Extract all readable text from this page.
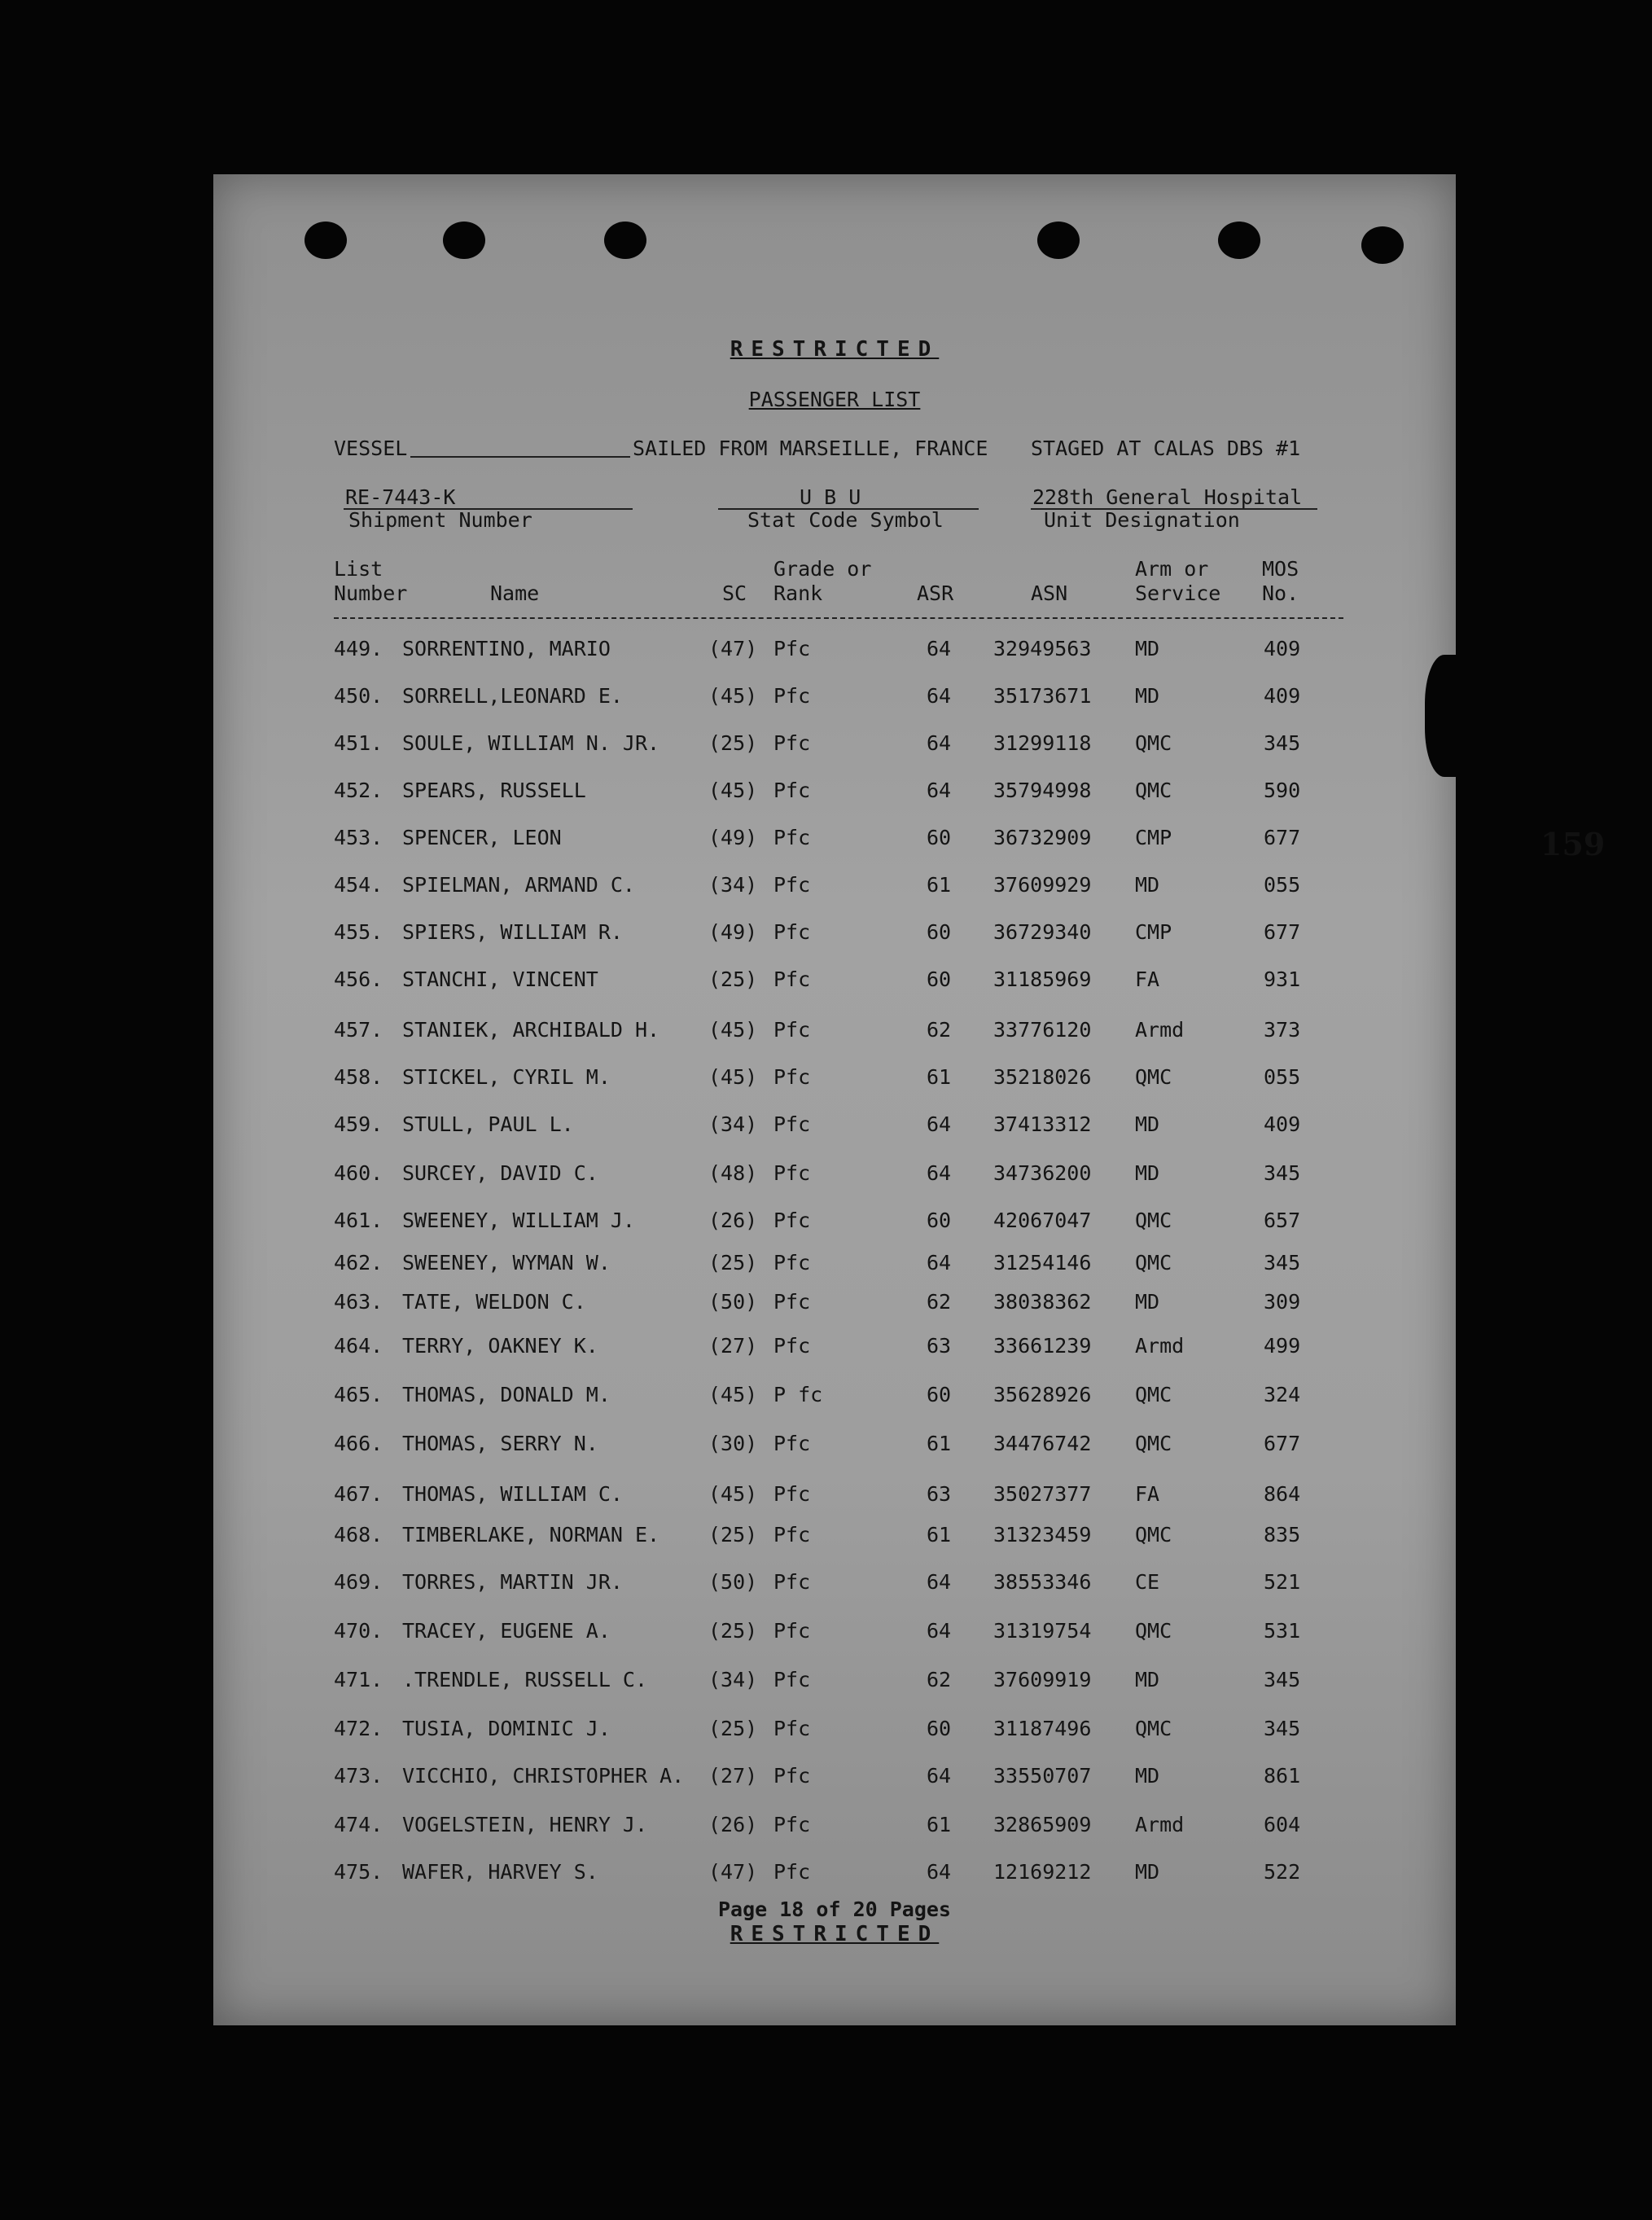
RESTRICTED
PASSENGER LIST
VESSEL	SAILED FROM MARSEILLE, FRANCE STAGED AT CALAS DBS #1
RE-7443-K
Shipment Number
U B U
Stat Code Symbol
228th General Hospital
Unit Designation
List
Number	Name	SC
Grade or
Rank	ASR	ASN
Arm or
Service
MOS
No.
449. SORRENTINO, MARIO	(47) Pfc	64 32949563 MD	409
450. SORRELL,LEONARD E.	(45) Pfc	64 35173671 MD	409
451. SOULE, WILLIAM N. JR. (25) Pfc	64 31299118 QMC	345
452. SPEARS, RUSSELL	(45) Pfc	64 35794998 QMC	590
453. SPENCER, LEON	(49) Pfc	60 36732909 CMP	677
454. SPIELMAN, ARMAND C.	(34) Pfc	61 37609929 MD	055
455. SPIERS, WILLIAM R.	(49) Pfc	60 36729340 CMP	677
456. STANCHI, VINCENT	(25) Pfc	60 31185969 FA	931
457. STANIEK, ARCHIBALD H. (45) Pfc	62 33776120 Armd	373
458. STICKEL, CYRIL M.	(45) Pfc	61 35218026 QMC	055
459. STULL, PAUL L.	(34) Pfc	64 37413312 MD	409
460. SURCEY, DAVID C.	(48) Pfc	64 34736200 MD	345
461. SWEENEY, WILLIAM J.	(26) Pfc	60 42067047 QMC	657
462. SWEENEY, WYMAN W.	(25) Pfc	64 31254146 QMC	345
463. TATE, WELDON C.	(50) Pfc	62 38038362 MD	309
464. TERRY, OAKNEY K.	(27) Pfc	63 33661239 Armd	499
465. THOMAS, DONALD M.	(45) P fc	60 35628926 QMC	324
466. THOMAS, SERRY N.	(30) Pfc	61 34476742 QMC	677
467. THOMAS, WILLIAM C.	(45) Pfc	63 35027377 FA	864
468. TIMBERLAKE, NORMAN E. (25) Pfc	61 31323459 QMC	835
469. TORRES, MARTIN JR.	(50) Pfc	64 38553346 CE	521
470. TRACEY, EUGENE A.	(25) Pfc	64 31319754 QMC	531
471. .TRENDLE, RUSSELL C.	(34) Pfc	62 37609919 MD	345
472. TUSIA, DOMINIC J.	(25) Pfc	60 31187496 QMC	345
473. VICCHIO, CHRISTOPHER A. (27) Pfc	64 33550707 MD	861
474. VOGELSTEIN, HENRY J.	(26) Pfc	61 32865909 Armd	604
475. WAFER, HARVEY S.	(47) Pfc	64 12169212 MD	522
159
Page 18 of 20 Pages
RESTRICTED
